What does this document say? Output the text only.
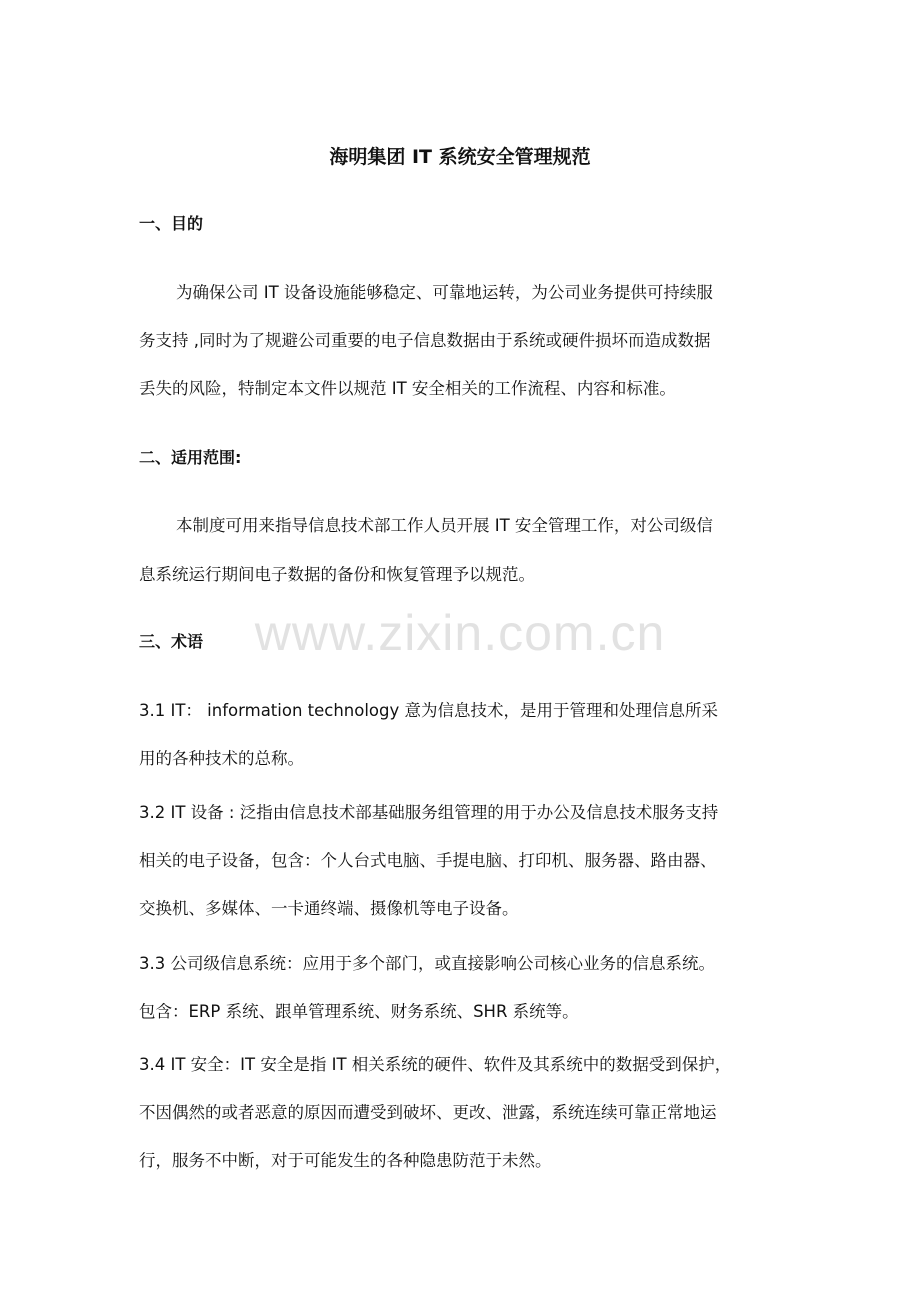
www.zixin.com.cn
海明集团 IT 系统安全管理规范
一、目的
为确保公司 IT 设备设施能够稳定、可靠地运转，为公司业务提供可持续服
务支持 ,同时为了规避公司重要的电子信息数据由于系统或硬件损坏而造成数据
丢失的风险，特制定本文件以规范 IT 安全相关的工作流程、内容和标准。
二、适用范围:
本制度可用来指导信息技术部工作人员开展 IT 安全管理工作，对公司级信
息系统运行期间电子数据的备份和恢复管理予以规范。
三、术语
3.1 IT： information technology 意为信息技术，是用于管理和处理信息所采
用的各种技术的总称。
3.2 IT 设备 : 泛指由信息技术部基础服务组管理的用于办公及信息技术服务支持
相关的电子设备，包含：个人台式电脑、手提电脑、打印机、服务器、路由器、
交换机、多媒体、一卡通终端、摄像机等电子设备。
3.3 公司级信息系统：应用于多个部门，或直接影响公司核心业务的信息系统。
包含：ERP 系统、跟单管理系统、财务系统、SHR 系统等。
3.4 IT 安全：IT 安全是指 IT 相关系统的硬件、软件及其系统中的数据受到保护，
不因偶然的或者恶意的原因而遭受到破坏、更改、泄露，系统连续可靠正常地运
行，服务不中断，对于可能发生的各种隐患防范于未然。
